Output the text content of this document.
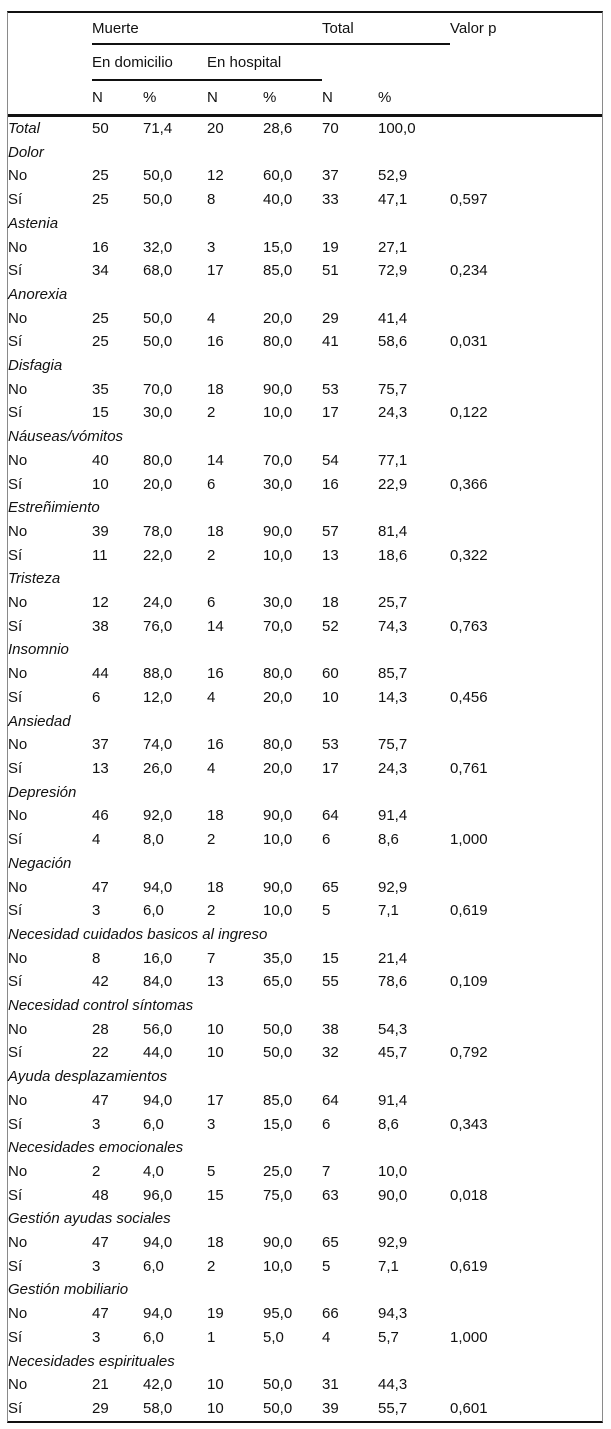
	Muerte				Total		Valor p
	En domicilio		En hospital				
	N	%	N	%	N	%	
Total	50	71,4	20	28,6	70	100,0	
Dolor							
No	25	50,0	12	60,0	37	52,9	
Sí	25	50,0	8	40,0	33	47,1	0,597
Astenia							
No	16	32,0	3	15,0	19	27,1	
Sí	34	68,0	17	85,0	51	72,9	0,234
Anorexia							
No	25	50,0	4	20,0	29	41,4	
Sí	25	50,0	16	80,0	41	58,6	0,031
Disfagia							
No	35	70,0	18	90,0	53	75,7	
Sí	15	30,0	2	10,0	17	24,3	0,122
Náuseas/vómitos							
No	40	80,0	14	70,0	54	77,1	
Sí	10	20,0	6	30,0	16	22,9	0,366
Estreñimiento							
No	39	78,0	18	90,0	57	81,4	
Sí	11	22,0	2	10,0	13	18,6	0,322
Tristeza							
No	12	24,0	6	30,0	18	25,7	
Sí	38	76,0	14	70,0	52	74,3	0,763
Insomnio							
No	44	88,0	16	80,0	60	85,7	
Sí	6	12,0	4	20,0	10	14,3	0,456
Ansiedad							
No	37	74,0	16	80,0	53	75,7	
Sí	13	26,0	4	20,0	17	24,3	0,761
Depresión							
No	46	92,0	18	90,0	64	91,4	
Sí	4	8,0	2	10,0	6	8,6	1,000
Negación							
No	47	94,0	18	90,0	65	92,9	
Sí	3	6,0	2	10,0	5	7,1	0,619
Necesidad cuidados basicos al ingreso							
No	8	16,0	7	35,0	15	21,4	
Sí	42	84,0	13	65,0	55	78,6	0,109
Necesidad control síntomas							
No	28	56,0	10	50,0	38	54,3	
Sí	22	44,0	10	50,0	32	45,7	0,792
Ayuda desplazamientos							
No	47	94,0	17	85,0	64	91,4	
Sí	3	6,0	3	15,0	6	8,6	0,343
Necesidades emocionales							
No	2	4,0	5	25,0	7	10,0	
Sí	48	96,0	15	75,0	63	90,0	0,018
Gestión ayudas sociales							
No	47	94,0	18	90,0	65	92,9	
Sí	3	6,0	2	10,0	5	7,1	0,619
Gestión mobiliario							
No	47	94,0	19	95,0	66	94,3	
Sí	3	6,0	1	5,0	4	5,7	1,000
Necesidades espirituales							
No	21	42,0	10	50,0	31	44,3	
Sí	29	58,0	10	50,0	39	55,7	0,601
